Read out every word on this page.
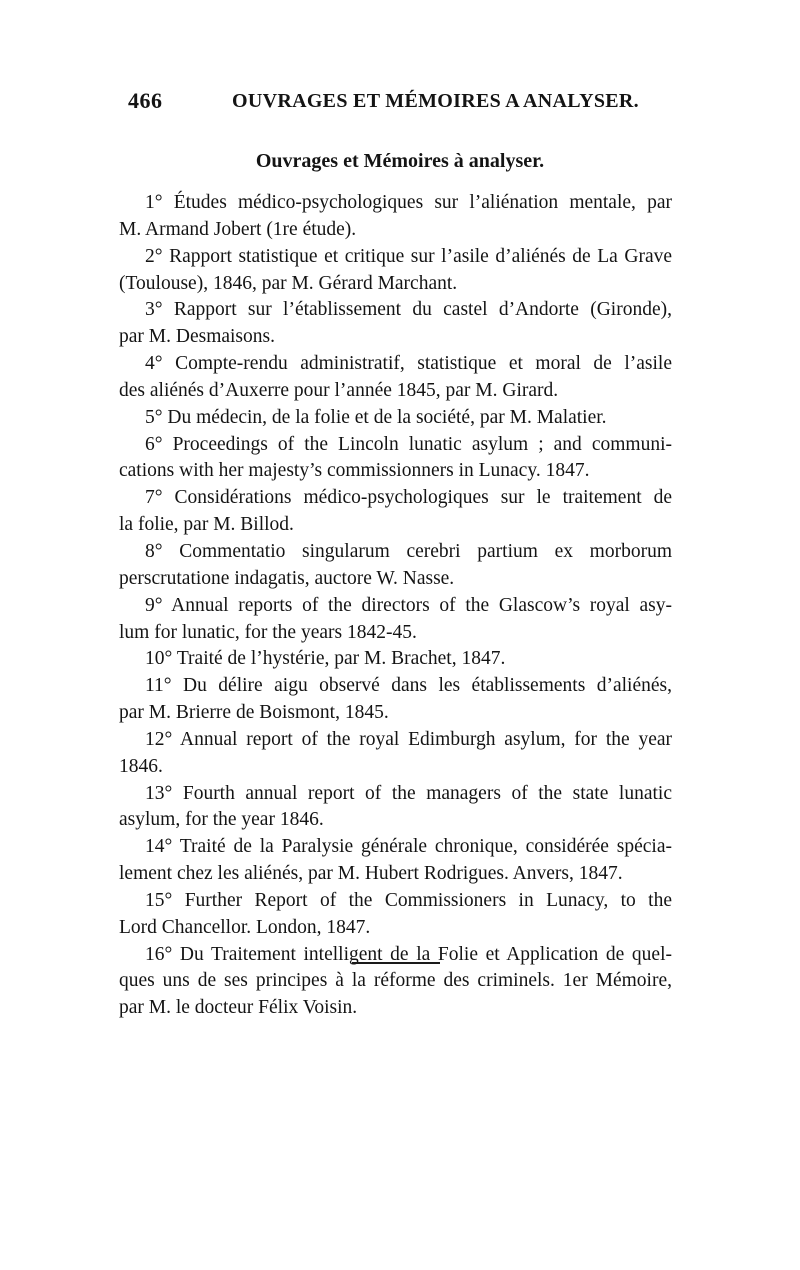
466	OUVRAGES ET MÉMOIRES A ANALYSER.
Ouvrages et Mémoires à analyser.
1° Études médico-psychologiques sur l’aliénation mentale, par
M. Armand Jobert (1re étude).
2° Rapport statistique et critique sur l’asile d’aliénés de La Grave
(Toulouse), 1846, par M. Gérard Marchant.
3° Rapport sur l’établissement du castel d’Andorte (Gironde),
par M. Desmaisons.
4° Compte-rendu administratif, statistique et moral de l’asile
des aliénés d’Auxerre pour l’année 1845, par M. Girard.
5° Du médecin, de la folie et de la société, par M. Malatier.
6° Proceedings of the Lincoln lunatic asylum ; and communi-
cations with her majesty’s commissionners in Lunacy. 1847.
7° Considérations médico-psychologiques sur le traitement de
la folie, par M. Billod.
8° Commentatio singularum cerebri partium ex morborum
perscrutatione indagatis, auctore W. Nasse.
9° Annual reports of the directors of the Glascow’s royal asy-
lum for lunatic, for the years 1842-45.
10° Traité de l’hystérie, par M. Brachet, 1847.
11° Du délire aigu observé dans les établissements d’aliénés,
par M. Brierre de Boismont, 1845.
12° Annual report of the royal Edimburgh asylum, for the year
1846.
13° Fourth annual report of the managers of the state lunatic
asylum, for the year 1846.
14° Traité de la Paralysie générale chronique, considérée spécia-
lement chez les aliénés, par M. Hubert Rodrigues. Anvers, 1847.
15° Further Report of the Commissioners in Lunacy, to the
Lord Chancellor. London, 1847.
16° Du Traitement intelligent de la Folie et Application de quel-
ques uns de ses principes à la réforme des criminels. 1er Mémoire,
par M. le docteur Félix Voisin.
